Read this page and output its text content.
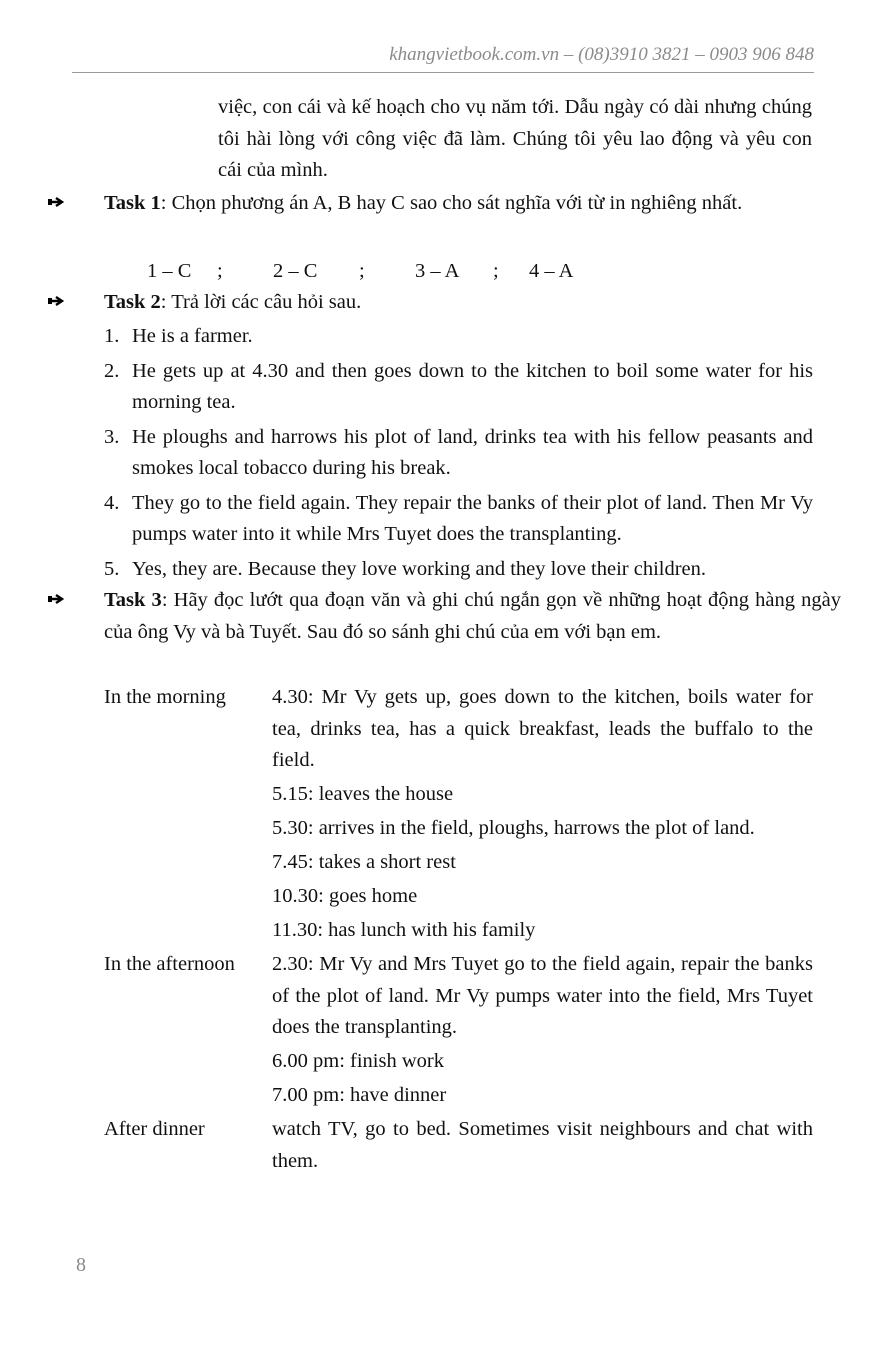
khangvietbook.com.vn – (08)3910 3821 – 0903 906 848
việc, con cái và kế hoạch cho vụ năm tới. Dẫu ngày có dài nhưng chúng tôi hài lòng với công việc đã làm. Chúng tôi yêu lao động và yêu con cái của mình.
Task 1: Chọn phương án A, B hay C sao cho sát nghĩa với từ in nghiêng nhất.
1 – C ; 2 – C ; 3 – A ; 4 – A
Task 2: Trả lời các câu hỏi sau.
1. He is a farmer.
2. He gets up at 4.30 and then goes down to the kitchen to boil some water for his morning tea.
3. He ploughs and harrows his plot of land, drinks tea with his fellow peasants and smokes local tobacco during his break.
4. They go to the field again. They repair the banks of their plot of land. Then Mr Vy pumps water into it while Mrs Tuyet does the transplanting.
5. Yes, they are. Because they love working and they love their children.
Task 3: Hãy đọc lướt qua đoạn văn và ghi chú ngắn gọn về những hoạt động hàng ngày của ông Vy và bà Tuyết. Sau đó so sánh ghi chú của em với bạn em.
In the morning	4.30: Mr Vy gets up, goes down to the kitchen, boils water for tea, drinks tea, has a quick breakfast, leads the buffalo to the field.
5.15: leaves the house
5.30: arrives in the field, ploughs, harrows the plot of land.
7.45: takes a short rest
10.30: goes home
11.30: has lunch with his family
In the afternoon	2.30: Mr Vy and Mrs Tuyet go to the field again, repair the banks of the plot of land. Mr Vy pumps water into the field, Mrs Tuyet does the transplanting.
6.00 pm: finish work
7.00 pm: have dinner
After dinner	watch TV, go to bed. Sometimes visit neighbours and chat with them.
8
